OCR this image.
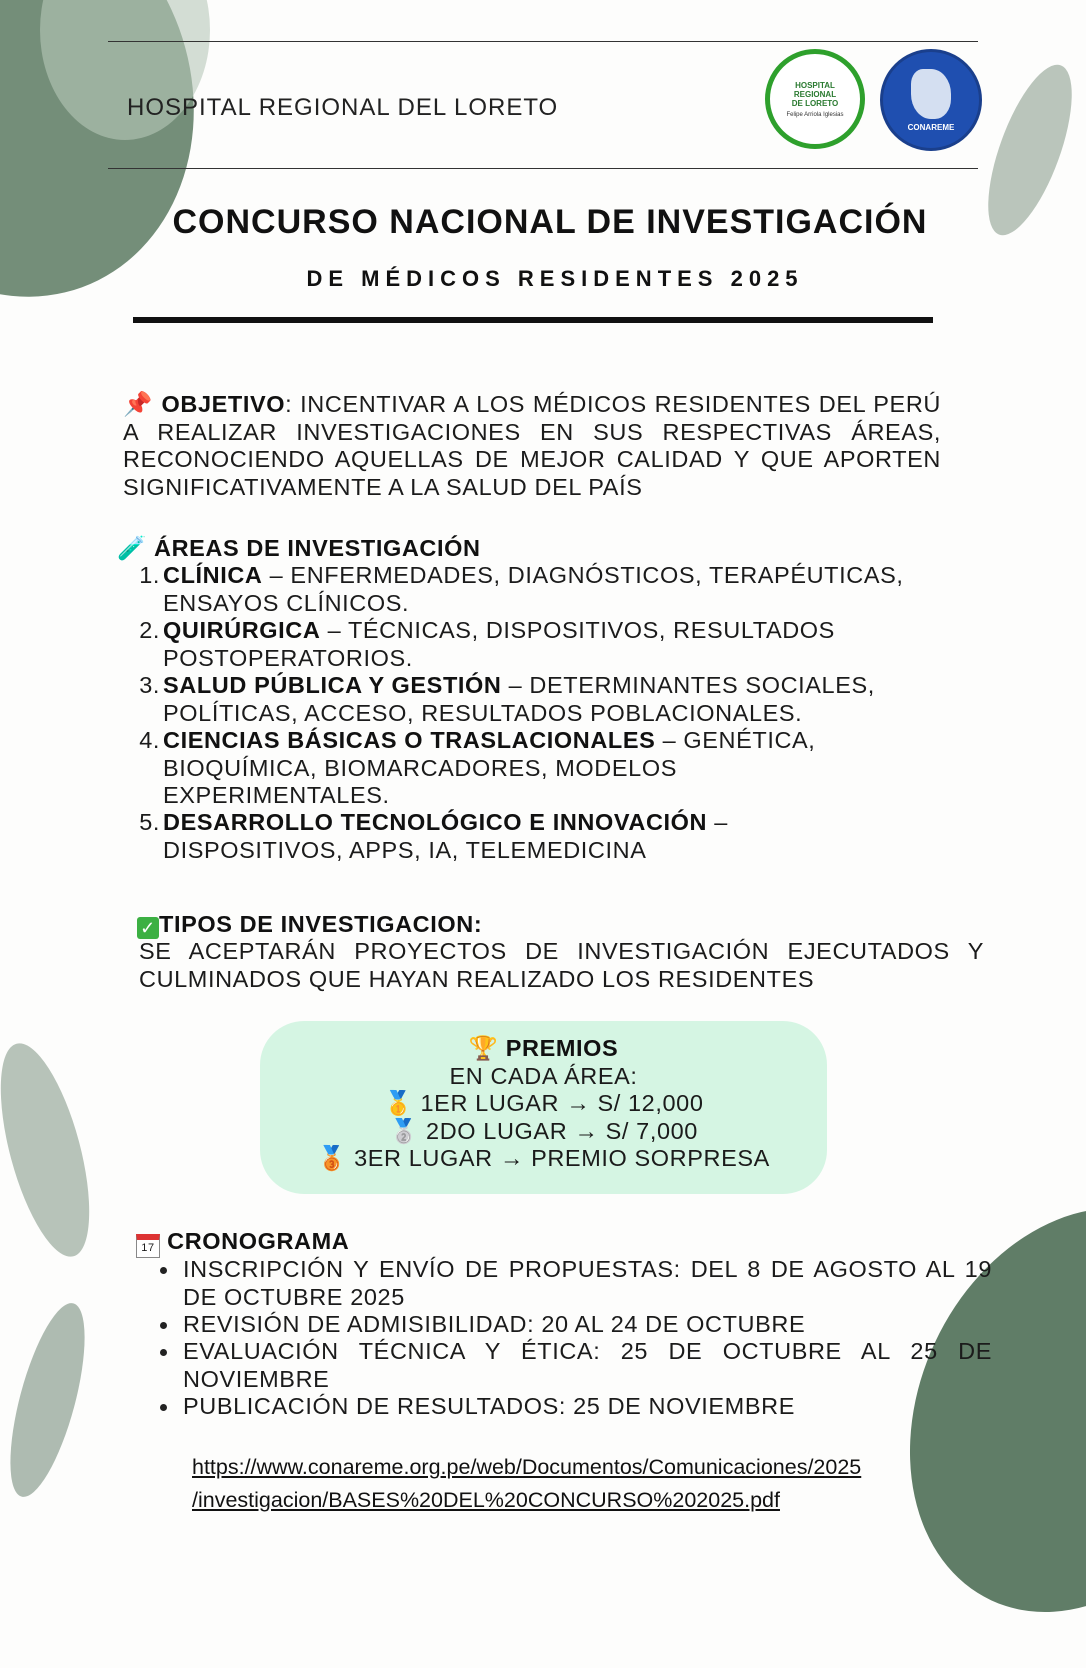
HOSPITAL REGIONAL DEL LORETO
HOSPITAL
REGIONAL
DE LORETO
Felipe Arriola Iglesias
CONAREME
CONCURSO NACIONAL DE INVESTIGACIÓN
DE MÉDICOS RESIDENTES 2025
📌 OBJETIVO: INCENTIVAR A LOS MÉDICOS RESIDENTES DEL PERÚ A REALIZAR INVESTIGACIONES EN SUS RESPECTIVAS ÁREAS, RECONOCIENDO AQUELLAS DE MEJOR CALIDAD Y QUE APORTEN SIGNIFICATIVAMENTE A LA SALUD DEL PAÍS
🧪 ÁREAS DE INVESTIGACIÓN
1. CLÍNICA – ENFERMEDADES, DIAGNÓSTICOS, TERAPÉUTICAS, ENSAYOS CLÍNICOS.
2. QUIRÚRGICA – TÉCNICAS, DISPOSITIVOS, RESULTADOS POSTOPERATORIOS.
3. SALUD PÚBLICA Y GESTIÓN – DETERMINANTES SOCIALES, POLÍTICAS, ACCESO, RESULTADOS POBLACIONALES.
4. CIENCIAS BÁSICAS O TRASLACIONALES – GENÉTICA, BIOQUÍMICA, BIOMARCADORES, MODELOS EXPERIMENTALES.
5. DESARROLLO TECNOLÓGICO E INNOVACIÓN – DISPOSITIVOS, APPS, IA, TELEMEDICINA
✓ TIPOS DE INVESTIGACION:
SE ACEPTARÁN PROYECTOS DE INVESTIGACIÓN EJECUTADOS Y CULMINADOS QUE HAYAN REALIZADO LOS RESIDENTES
🏆 PREMIOS
EN CADA ÁREA:
🥇 1ER LUGAR → S/ 12,000
🥈 2DO LUGAR → S/ 7,000
🥉 3ER LUGAR → PREMIO SORPRESA
17 CRONOGRAMA
INSCRIPCIÓN Y ENVÍO DE PROPUESTAS: DEL 8 DE AGOSTO AL 19 DE OCTUBRE 2025
REVISIÓN DE ADMISIBILIDAD: 20 AL 24 DE OCTUBRE
EVALUACIÓN TÉCNICA Y ÉTICA: 25 DE OCTUBRE AL 25 DE NOVIEMBRE
PUBLICACIÓN DE RESULTADOS: 25 DE NOVIEMBRE
https://www.conareme.org.pe/web/Documentos/Comunicaciones/2025
/investigacion/BASES%20DEL%20CONCURSO%202025.pdf
